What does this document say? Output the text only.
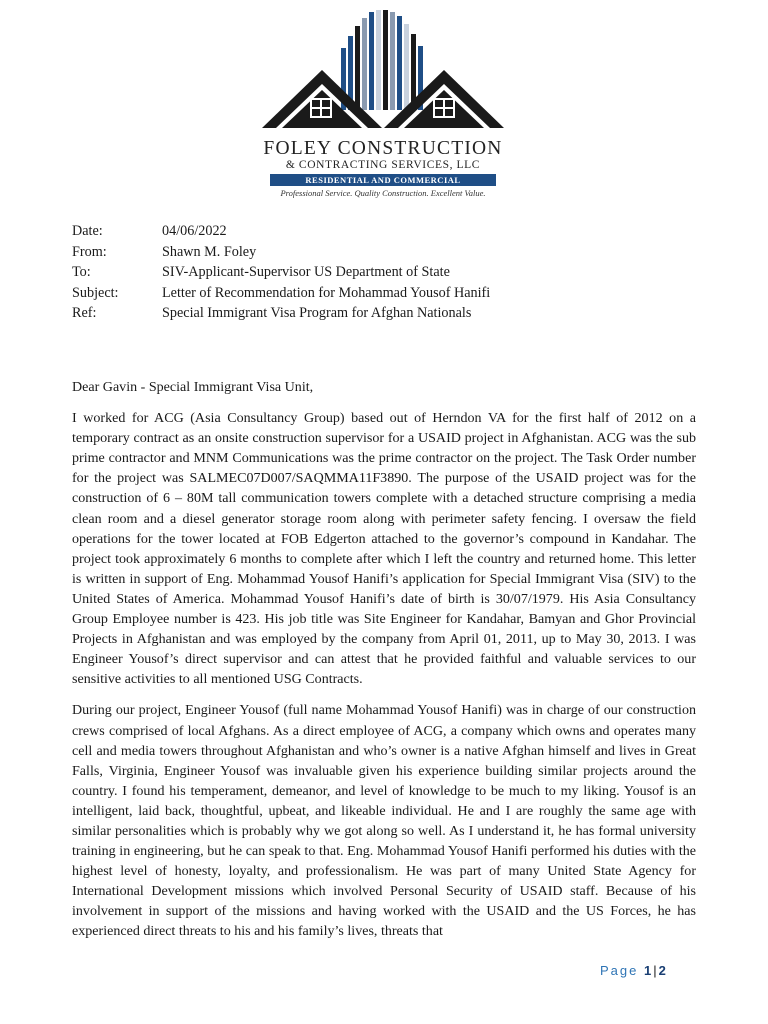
FOLEY CONSTRUCTION
& CONTRACTING SERVICES, LLC
RESIDENTIAL AND COMMERCIAL
Professional Service. Quality Construction. Excellent Value.
Date:	04/06/2022
From:	Shawn M. Foley
To:	SIV-Applicant-Supervisor US Department of State
Subject:	Letter of Recommendation for Mohammad Yousof Hanifi
Ref:	Special Immigrant Visa Program for Afghan Nationals

Dear Gavin - Special Immigrant Visa Unit,

I worked for ACG (Asia Consultancy Group) based out of Herndon VA for the first half of 2012 on a temporary contract as an onsite construction supervisor for a USAID project in Afghanistan. ACG was the sub prime contractor and MNM Communications was the prime contractor on the project. The Task Order number for the project was SALMEC07D007/SAQMMA11F3890. The purpose of the USAID project was for the construction of 6 – 80M tall communication towers complete with a detached structure comprising a media clean room and a diesel generator storage room along with perimeter safety fencing. I oversaw the field operations for the tower located at FOB Edgerton attached to the governor’s compound in Kandahar. The project took approximately 6 months to complete after which I left the country and returned home. This letter is written in support of Eng. Mohammad Yousof Hanifi’s application for Special Immigrant Visa (SIV) to the United States of America. Mohammad Yousof Hanifi’s date of birth is 30/07/1979. His Asia Consultancy Group Employee number is 423. His job title was Site Engineer for Kandahar, Bamyan and Ghor Provincial Projects in Afghanistan and was employed by the company from April 01, 2011, up to May 30, 2013. I was Engineer Yousof’s direct supervisor and can attest that he provided faithful and valuable services to our sensitive activities to all mentioned USG Contracts.

During our project, Engineer Yousof (full name Mohammad Yousof Hanifi) was in charge of our construction crews comprised of local Afghans. As a direct employee of ACG, a company which owns and operates many cell and media towers throughout Afghanistan and who’s owner is a native Afghan himself and lives in Great Falls, Virginia, Engineer Yousof was invaluable given his experience building similar projects around the country. I found his temperament, demeanor, and level of knowledge to be much to my liking. Yousof is an intelligent, laid back, thoughtful, upbeat, and likeable individual. He and I are roughly the same age with similar personalities which is probably why we got along so well. As I understand it, he has formal university training in engineering, but he can speak to that. Eng. Mohammad Yousof Hanifi performed his duties with the highest level of honesty, loyalty, and professionalism. He was part of many United State Agency for International Development missions which involved Personal Security of USAID staff. Because of his involvement in support of the missions and having worked with the USAID and the US Forces, he has experienced direct threats to his and his family’s lives, threats that

Page 1 | 2
